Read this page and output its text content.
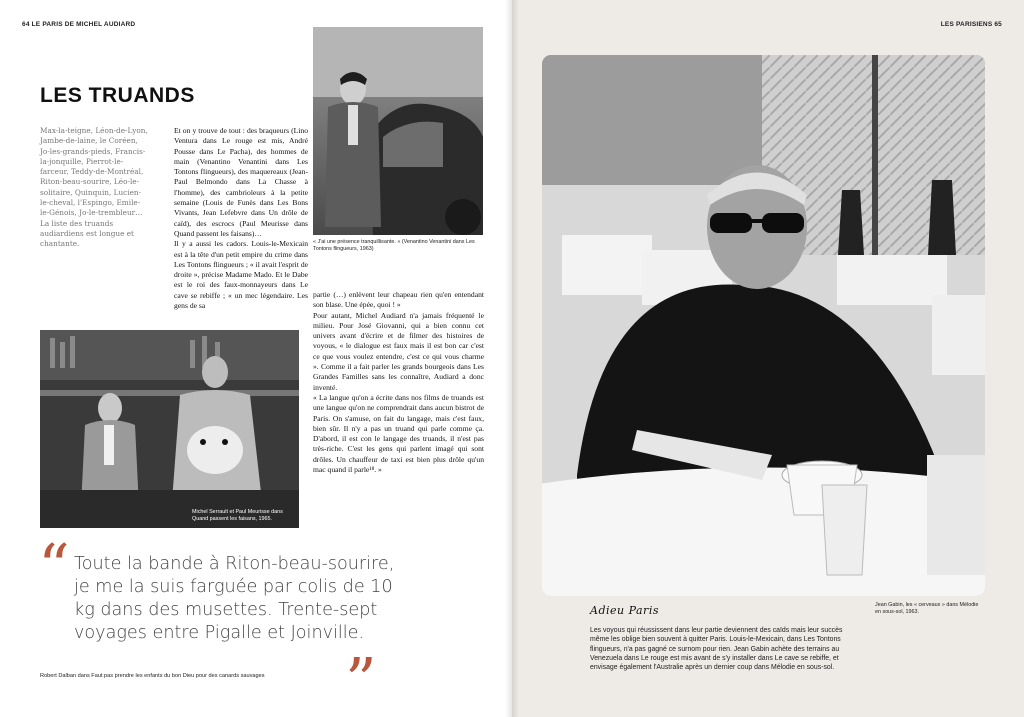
64 LE PARIS DE MICHEL AUDIARD	LES PARISIENS 65
LES TRUANDS

Max-la-teigne, Léon-de-Lyon, Jambe-de-laine, le Coréen, Jo-les-grands-pieds, Francis-la-jonquille, Pierrot-le-farceur, Teddy-de-Montréal, Riton-beau-sourire, Léo-le-solitaire, Quinquin, Lucien-le-cheval, l'Espingo, Emile-le-Génois, Jo-le-trembleur… La liste des truands audiardiens est longue et chantante.

Et on y trouve de tout : des braqueurs (Lino Ventura dans Le rouge est mis, André Pousse dans Le Pacha), des hommes de main (Venantino Venantini dans Les Tontons flingueurs), des maquereaux (Jean-Paul Belmondo dans La Chasse à l'homme), des cambrioleurs à la petite semaine (Louis de Funès dans Les Bons Vivants, Jean Lefebvre dans Un drôle de caïd), des escrocs (Paul Meurisse dans Quand passent les faisans)…

Il y a aussi les cadors. Louis-le-Mexicain est à la tête d'un petit empire du crime dans Les Tontons flingueurs ; « il avait l'esprit de droite », précise Madame Mado. Et le Dabe est le roi des faux-monnayeurs dans Le cave se rebiffe ; « un mec légendaire. Les gens de sa

partie (…) enlèvent leur chapeau rien qu'en entendant son blase. Une épée, quoi ! »

Pour autant, Michel Audiard n'a jamais fréquenté le milieu. Pour José Giovanni, qui a bien connu cet univers avant d'écrire et de filmer des histoires de voyous, « le dialogue est faux mais il est bon car c'est ce que vous voulez entendre, c'est ce qui vous charme ». Comme il a fait parler les grands bourgeois dans Les Grandes Familles sans les connaître, Audiard a donc inventé.

« La langue qu'on a écrite dans nos films de truands est une langue qu'on ne comprendrait dans aucun bistrot de Paris. On s'amuse, on fait du langage, mais c'est faux, bien sûr. Il n'y a pas un truand qui parle comme ça. D'abord, il est con le langage des truands, il n'est pas très-riche. C'est les gens qui parlent imagé qui sont drôles. Un chauffeur de taxi est bien plus drôle qu'un mac quand il parle¹⁸. »

« J'ai une présence tranquillisante. » (Venantino Venantini dans Les Tontons flingueurs, 1963)
Michel Serrault et Paul Meurisse dans Quand passent les faisans, 1965.
“ Toute la bande à Riton-beau-sourire, je me la suis farguée par colis de 10 kg dans des musettes. Trente-sept voyages entre Pigalle et Joinville.

”
Robert Dalban dans Faut pas prendre les enfants du bon Dieu pour des canards sauvages
Adieu Paris

Les voyous qui réussissent dans leur partie deviennent des caïds mais leur succès même les oblige bien souvent à quitter Paris. Louis-le-Mexicain, dans Les Tontons flingueurs, n'a pas gagné ce surnom pour rien. Jean Gabin achète des terrains au Venezuela dans Le rouge est mis avant de s'y installer dans Le cave se rebiffe, et envisage également l'Australie après un dernier coup dans Mélodie en sous-sol.

Jean Gabin, les « cerveaux » dans Mélodie en sous-sol, 1963.
